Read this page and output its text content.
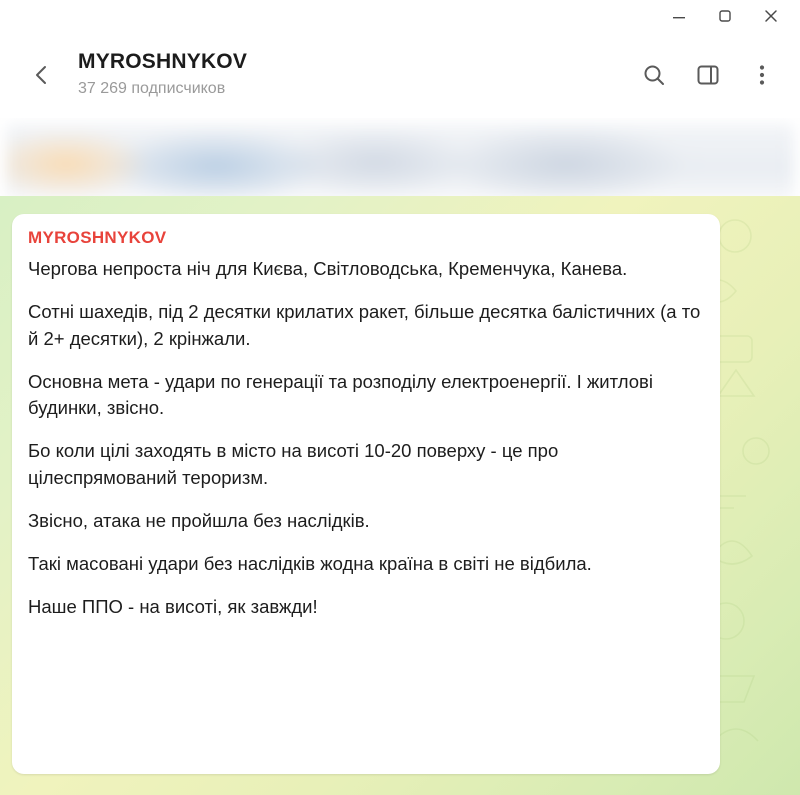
MYROSHNYKOV
37 269 подписчиков
MYROSHNYKOV

Чергова непроста ніч для Києва, Світловодська, Кременчука, Канева.

Сотні шахедів, під 2 десятки крилатих ракет, більше десятка балістичних (а то й 2+ десятки), 2 крінжали.

Основна мета - удари по генерації та розподілу електроенергії. І житлові будинки, звісно.

Бо коли цілі заходять в місто на висоті 10-20 поверху - це про цілеспрямований тероризм.

Звісно, атака не пройшла без наслідків.

Такі масовані удари без наслідків жодна країна в світі не відбила.

Наше ППО - на висоті, як завжди!
